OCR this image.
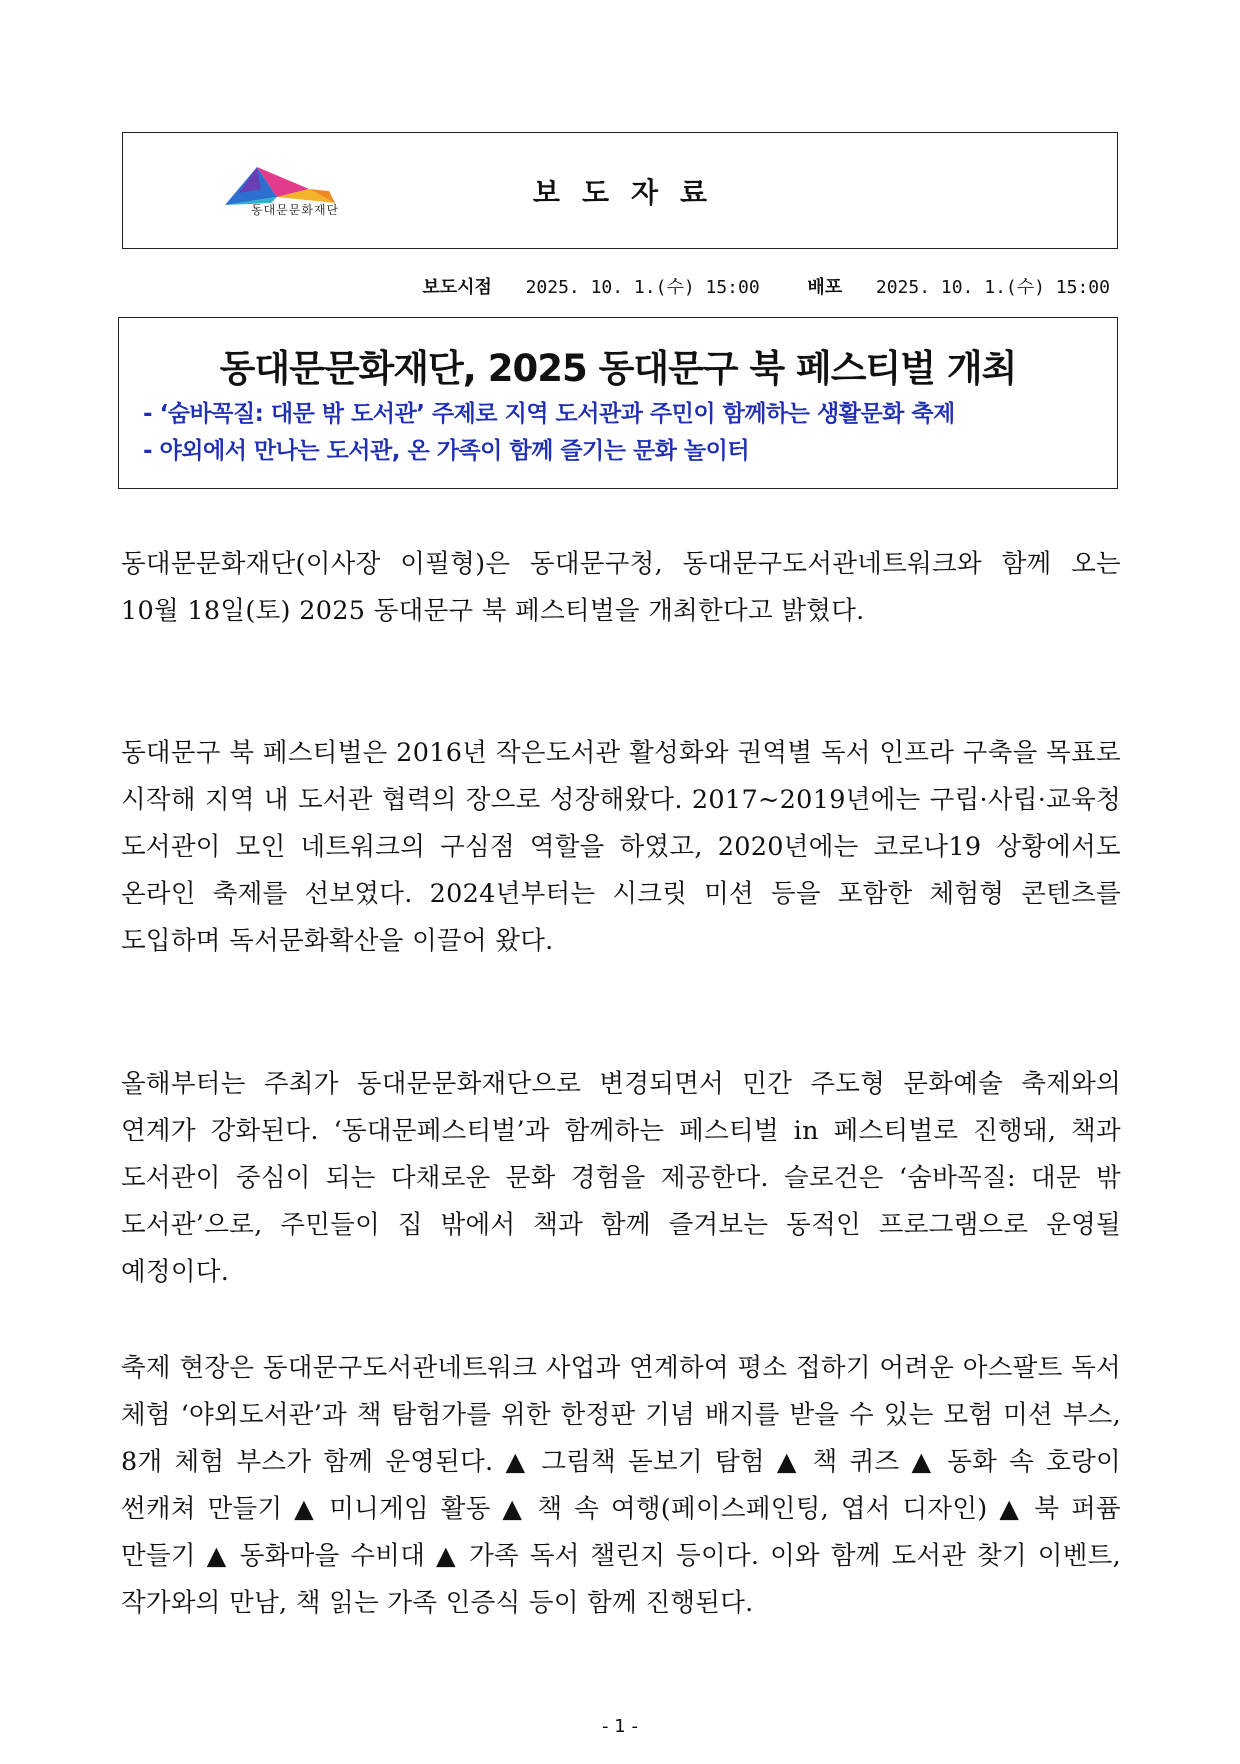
동대문문화재단
보도자료
보도시점 2025. 10. 1.(수) 15:00	배포 2025. 10. 1.(수) 15:00
동대문문화재단, 2025 동대문구 북 페스티벌 개최
- ‘숨바꼭질: 대문 밖 도서관’ 주제로 지역 도서관과 주민이 함께하는 생활문화 축제
- 야외에서 만나는 도서관, 온 가족이 함께 즐기는 문화 놀이터

동대문문화재단(이사장 이필형)은 동대문구청, 동대문구도서관네트워크와 함께 오는 10월 18일(토) 2025 동대문구 북 페스티벌을 개최한다고 밝혔다.

동대문구 북 페스티벌은 2016년 작은도서관 활성화와 권역별 독서 인프라 구축을 목표로 시작해 지역 내 도서관 협력의 장으로 성장해왔다. 2017~2019년에는 구립·사립·교육청 도서관이 모인 네트워크의 구심점 역할을 하였고, 2020년에는 코로나19 상황에서도 온라인 축제를 선보였다. 2024년부터는 시크릿 미션 등을 포함한 체험형 콘텐츠를 도입하며 독서문화확산을 이끌어 왔다.

올해부터는 주최가 동대문문화재단으로 변경되면서 민간 주도형 문화예술 축제와의 연계가 강화된다. ‘동대문페스티벌’과 함께하는 페스티벌 in 페스티벌로 진행돼, 책과 도서관이 중심이 되는 다채로운 문화 경험을 제공한다. 슬로건은 ‘숨바꼭질: 대문 밖 도서관’으로, 주민들이 집 밖에서 책과 함께 즐겨보는 동적인 프로그램으로 운영될 예정이다.

축제 현장은 동대문구도서관네트워크 사업과 연계하여 평소 접하기 어려운 아스팔트 독서 체험 ‘야외도서관’과 책 탐험가를 위한 한정판 기념 배지를 받을 수 있는 모험 미션 부스, 8개 체험 부스가 함께 운영된다. ▲ 그림책 돋보기 탐험 ▲ 책 퀴즈 ▲ 동화 속 호랑이 썬캐쳐 만들기 ▲ 미니게임 활동 ▲ 책 속 여행(페이스페인팅, 엽서 디자인) ▲ 북 퍼퓸 만들기 ▲ 동화마을 수비대 ▲ 가족 독서 챌린지 등이다. 이와 함께 도서관 찾기 이벤트, 작가와의 만남, 책 읽는 가족 인증식 등이 함께 진행된다.

- 1 -
